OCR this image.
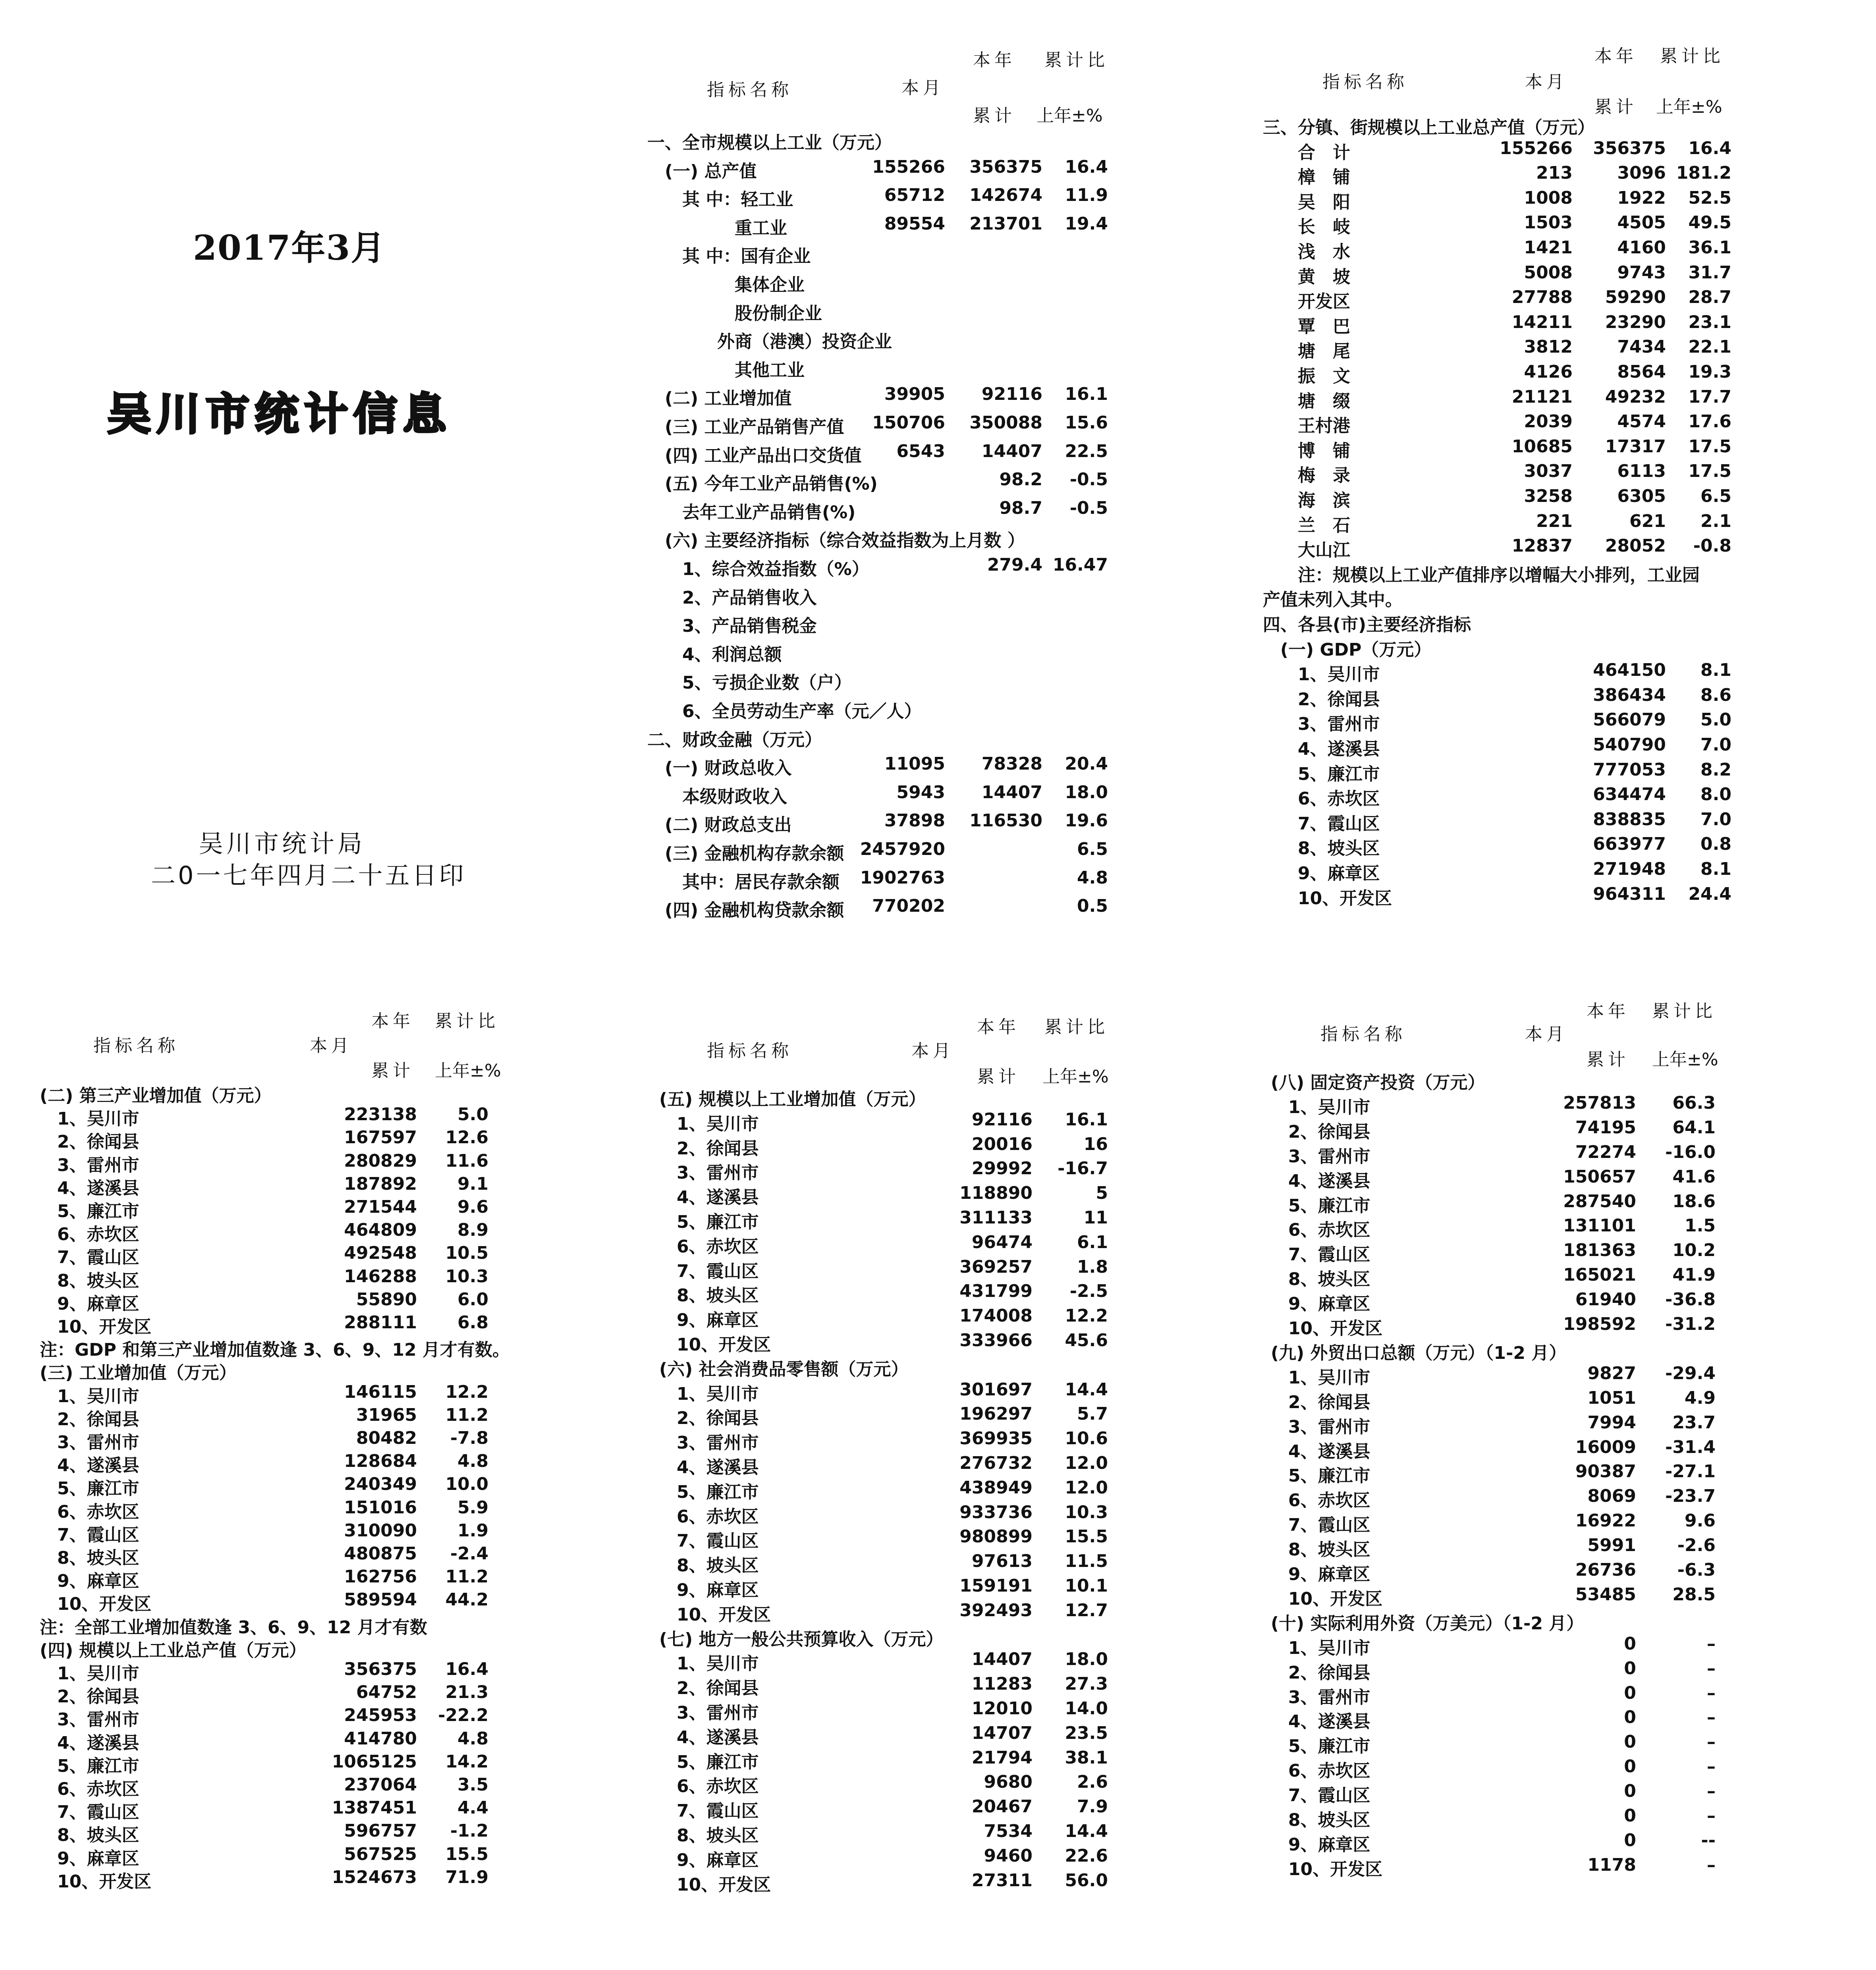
2017年3月
吴川市统计信息
吴川市统计局
二0一七年四月二十五日印
本年 累计比
指标名称	本月
累计 上年±%
一、全市规模以上工业（万元）
　(一) 总产值	155266 356375 16.4
　　其 中：轻工业	65712 142674 11.9
　　　　　重工业	89554 213701 19.4
　　其 中：国有企业
　　　　　集体企业
　　　　　股份制企业
　　　　外商（港澳）投资企业
　　　　　其他工业
　(二) 工业增加值	39905 92116 16.1
　(三) 工业产品销售产值 150706 350088 15.6
　(四) 工业产品出口交货值 6543 14407 22.5
　(五) 今年工业产品销售(%)	98.2 -0.5
　　去年工业产品销售(%)	98.7 -0.5
　(六) 主要经济指标（综合效益指数为上月数 ）
　　1、综合效益指数（%）	279.4 16.47
　　2、产品销售收入
　　3、产品销售税金
　　4、利润总额
　　5、亏损企业数（户）
　　6、全员劳动生产率（元／人）
二、财政金融（万元）
　(一) 财政总收入	11095 78328 20.4
　　本级财政收入	5943 14407 18.0
　(二) 财政总支出	37898 116530 19.6
　(三) 金融机构存款余额 2457920	6.5
　　其中：居民存款余额 1902763	4.8
　(四) 金融机构贷款余额 770202	0.5
本年 累计比
指标名称	本月
累计 上年±%
三、分镇、街规模以上工业总产值（万元）
　　合　计	155266 356375 16.4
　　樟　铺	213	3096 181.2
　　吴　阳	1008	1922 52.5
　　长　岐	1503	4505 49.5
　　浅　水	1421	4160 36.1
　　黄　坡	5008	9743 31.7
　　开发区	27788 59290 28.7
　　覃　巴	14211 23290 23.1
　　塘　尾	3812	7434 22.1
　　振　文	4126	8564 19.3
　　塘　缀	21121 49232 17.7
　　王村港	2039	4574 17.6
　　博　铺	10685 17317 17.5
　　梅　录	3037	6113 17.5
　　海　滨	3258	6305 6.5
　　兰　石	221	621 2.1
　　大山江	12837 28052 -0.8
　　注：规模以上工业产值排序以增幅大小排列，工业园
产值未列入其中。
四、各县(市)主要经济指标
　(一) GDP（万元）
　　1、吴川市	464150 8.1
　　2、徐闻县	386434 8.6
　　3、雷州市	566079 5.0
　　4、遂溪县	540790 7.0
　　5、廉江市	777053 8.2
　　6、赤坎区	634474 8.0
　　7、霞山区	838835 7.0
　　8、坡头区	663977 0.8
　　9、麻章区	271948 8.1
　　10、开发区	964311 24.4
本年 累计比
指标名称	本月
累计 上年±%
(二) 第三产业增加值（万元）
　1、吴川市	223138 5.0
　2、徐闻县	167597 12.6
　3、雷州市	280829 11.6
　4、遂溪县	187892 9.1
　5、廉江市	271544 9.6
　6、赤坎区	464809 8.9
　7、霞山区	492548 10.5
　8、坡头区	146288 10.3
　9、麻章区	55890 6.0
　10、开发区	288111 6.8
注：GDP 和第三产业增加值数逢 3、6、9、12 月才有数。
(三) 工业增加值（万元）
　1、吴川市	146115 12.2
　2、徐闻县	31965 11.2
　3、雷州市	80482 -7.8
　4、遂溪县	128684 4.8
　5、廉江市	240349 10.0
　6、赤坎区	151016 5.9
　7、霞山区	310090 1.9
　8、坡头区	480875 -2.4
　9、麻章区	162756 11.2
　10、开发区	589594 44.2
注：全部工业增加值数逢 3、6、9、12 月才有数
(四) 规模以上工业总产值（万元）
　1、吴川市	356375 16.4
　2、徐闻县	64752 21.3
　3、雷州市	245953 -22.2
　4、遂溪县	414780 4.8
　5、廉江市	1065125 14.2
　6、赤坎区	237064 3.5
　7、霞山区	1387451 4.4
　8、坡头区	596757 -1.2
　9、麻章区	567525 15.5
　10、开发区	1524673 71.9
本年 累计比
指标名称	本月
累计 上年±%
(五) 规模以上工业增加值（万元）
　1、吴川市	92116 16.1
　2、徐闻县	20016	16
　3、雷州市	29992 -16.7
　4、遂溪县	118890	5
　5、廉江市	311133	11
　6、赤坎区	96474	6.1
　7、霞山区	369257	1.8
　8、坡头区	431799 -2.5
　9、麻章区	174008 12.2
　10、开发区	333966 45.6
(六) 社会消费品零售额（万元）
　1、吴川市	301697 14.4
　2、徐闻县	196297	5.7
　3、雷州市	369935 10.6
　4、遂溪县	276732 12.0
　5、廉江市	438949 12.0
　6、赤坎区	933736 10.3
　7、霞山区	980899 15.5
　8、坡头区	97613 11.5
　9、麻章区	159191 10.1
　10、开发区	392493 12.7
(七) 地方一般公共预算收入（万元）
　1、吴川市	14407 18.0
　2、徐闻县	11283 27.3
　3、雷州市	12010 14.0
　4、遂溪县	14707 23.5
　5、廉江市	21794 38.1
　6、赤坎区	9680	2.6
　7、霞山区	20467	7.9
　8、坡头区	7534 14.4
　9、麻章区	9460 22.6
　10、开发区	27311 56.0
本年 累计比
指标名称	本月
累计 上年±%
(八) 固定资产投资（万元）
　1、吴川市	257813 66.3
　2、徐闻县	74195 64.1
　3、雷州市	72274 -16.0
　4、遂溪县	150657 41.6
　5、廉江市	287540 18.6
　6、赤坎区	131101	1.5
　7、霞山区	181363 10.2
　8、坡头区	165021 41.9
　9、麻章区	61940 -36.8
　10、开发区	198592 -31.2
(九) 外贸出口总额（万元）（1-2 月）
　1、吴川市	9827 -29.4
　2、徐闻县	1051	4.9
　3、雷州市	7994 23.7
　4、遂溪县	16009 -31.4
　5、廉江市	90387 -27.1
　6、赤坎区	8069 -23.7
　7、霞山区	16922	9.6
　8、坡头区	5991 -2.6
　9、麻章区	26736 -6.3
　10、开发区	53485 28.5
(十) 实际利用外资（万美元）（1-2 月）
　1、吴川市	0	–
　2、徐闻县	0	–
　3、雷州市	0	–
　4、遂溪县	0	–
　5、廉江市	0	–
　6、赤坎区	0	–
　7、霞山区	0	–
　8、坡头区	0	–
　9、麻章区	0	--
　10、开发区	1178	–
